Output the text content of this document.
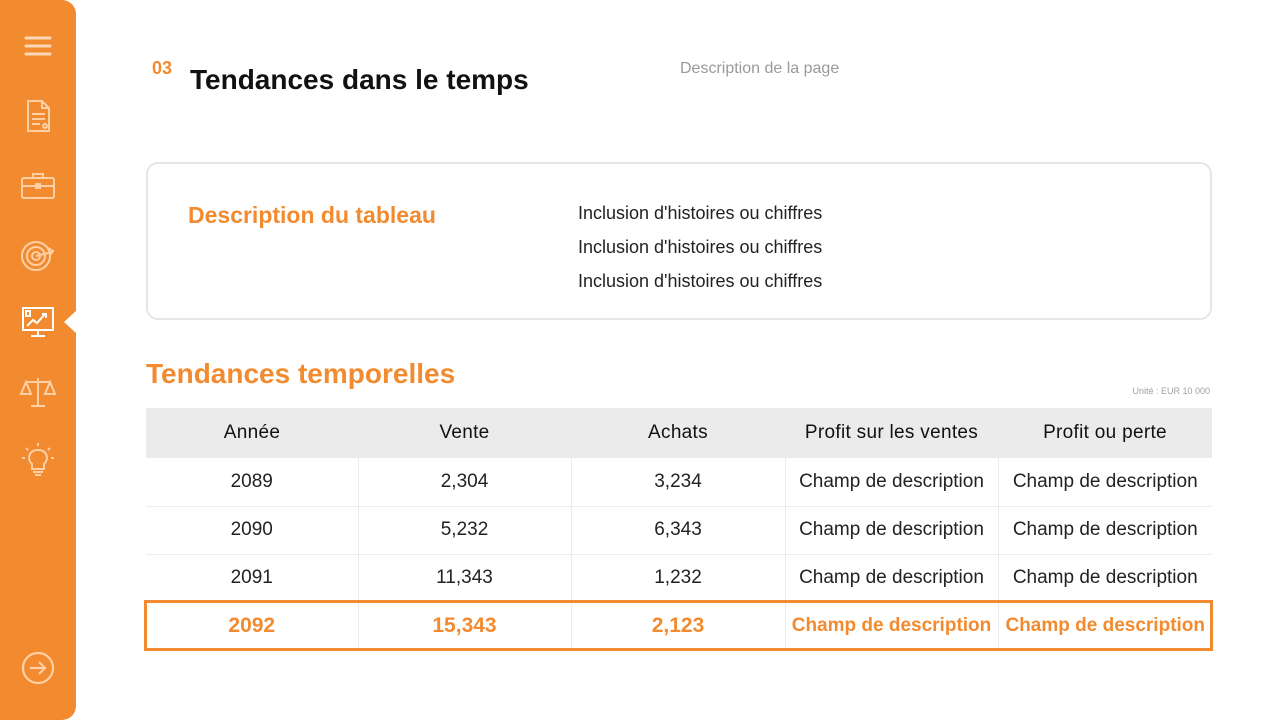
03 Tendances dans le temps	Description de la page
Description du tableau	Inclusion d'histoires ou chiffres
Inclusion d'histoires ou chiffres
Inclusion d'histoires ou chiffres
Tendances temporelles
Unité : EUR 10 000
Année	Vente	Achats	Profit sur les ventes	Profit ou perte
2089	2,304	3,234	Champ de description	Champ de description
2090	5,232	6,343	Champ de description	Champ de description
2091	11,343	1,232	Champ de description	Champ de description
2092	15,343	2,123	Champ de description	Champ de description
